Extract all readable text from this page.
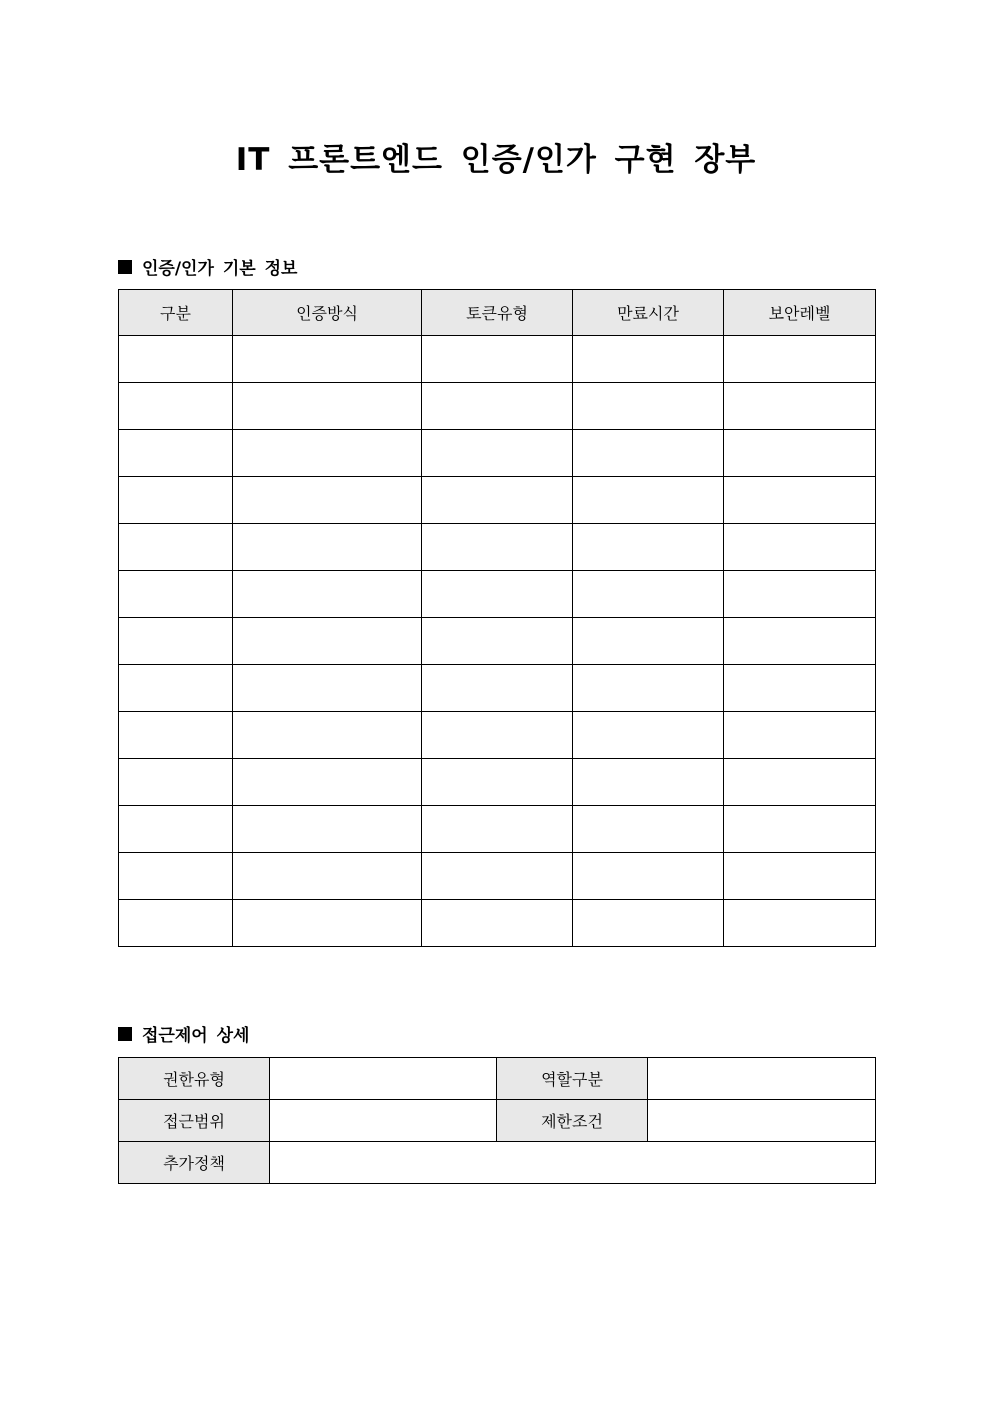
IT 프론트엔드 인증/인가 구현 장부
인증/인가 기본 정보
구분	인증방식	토큰유형	만료시간	보안레벨

접근제어 상세
권한유형		역할구분	
접근범위		제한조건	
추가정책			
